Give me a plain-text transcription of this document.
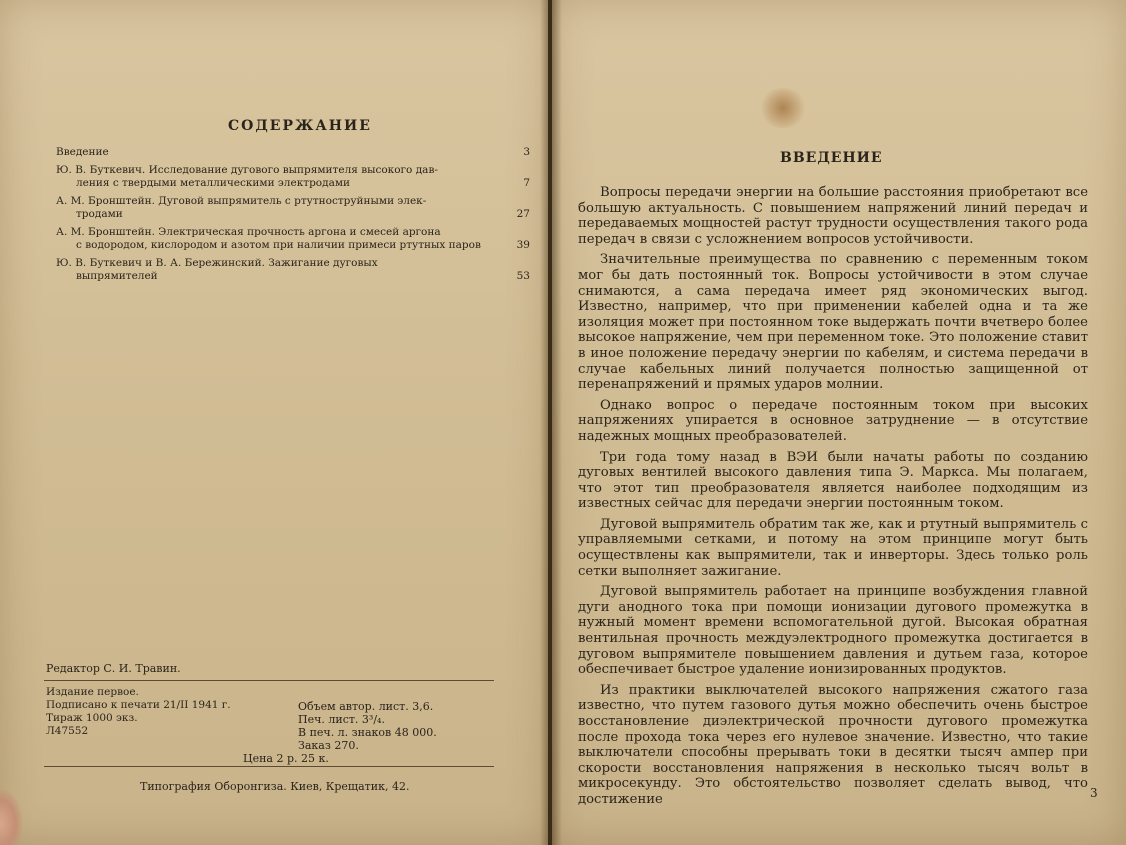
СОДЕРЖАНИЕ
Введение	3
Ю. В. Буткевич. Исследование дугового выпрямителя высокого дав-
ления с твердыми металлическими электродами	7
А. М. Бронштейн. Дуговой выпрямитель с ртутноструйными элек-
тродами	27
А. М. Бронштейн. Электрическая прочность аргона и смесей аргона
с водородом, кислородом и азотом при наличии примеси ртутных паров	39
Ю. В. Буткевич и В. А. Бережинский. Зажигание дуговых
выпрямителей	53
Редактор С. И. Травин.
Издание первое.
Подписано к печати 21/II 1941 г.
Тираж 1000 экз.
Л47552
Объем автор. лист. 3,6.
Печ. лист. 3³/₄.
В печ. л. знаков 48 000.
Заказ 270.
Цена 2 р. 25 к.
Типография Оборонгиза. Киев, Крещатик, 42.
ВВЕДЕНИЕ

Вопросы передачи энергии на большие расстояния приобретают все большую актуальность. С повышением напряжений линий передач и передаваемых мощностей растут трудности осуществления такого рода передач в связи с усложнением вопросов устойчивости.

Значительные преимущества по сравнению с переменным током мог бы дать постоянный ток. Вопросы устойчивости в этом случае снимаются, а сама передача имеет ряд экономических выгод. Известно, например, что при применении кабелей одна и та же изоляция может при постоянном токе выдержать почти вчетверо более высокое напряжение, чем при переменном токе. Это положение ставит в иное положение передачу энергии по кабелям, и система передачи в случае кабельных линий получается полностью защищенной от перенапряжений и прямых ударов молнии.

Однако вопрос о передаче постоянным током при высоких напряжениях упирается в основное затруднение — в отсутствие надежных мощных преобразователей.

Три года тому назад в ВЭИ были начаты работы по созданию дуговых вентилей высокого давления типа Э. Маркса. Мы полагаем, что этот тип преобразователя является наиболее подходящим из известных сейчас для передачи энергии постоянным током.

Дуговой выпрямитель обратим так же, как и ртутный выпрямитель с управляемыми сетками, и потому на этом принципе могут быть осуществлены как выпрямители, так и инверторы. Здесь только роль сетки выполняет зажигание.

Дуговой выпрямитель работает на принципе возбуждения главной дуги анодного тока при помощи ионизации дугового промежутка в нужный момент времени вспомогательной дугой. Высокая обратная вентильная прочность междуэлектродного промежутка достигается в дуговом выпрямителе повышением давления и дутьем газа, которое обеспечивает быстрое удаление ионизированных продуктов.

Из практики выключателей высокого напряжения сжатого газа известно, что путем газового дутья можно обеспечить очень быстрое восстановление диэлектрической прочности дугового промежутка после прохода тока через его нулевое значение. Известно, что такие выключатели способны прерывать токи в десятки тысяч ампер при скорости восстановления напряжения в несколько тысяч вольт в микросекунду. Это обстоятельство позволяет сделать вывод, что достижение	3
